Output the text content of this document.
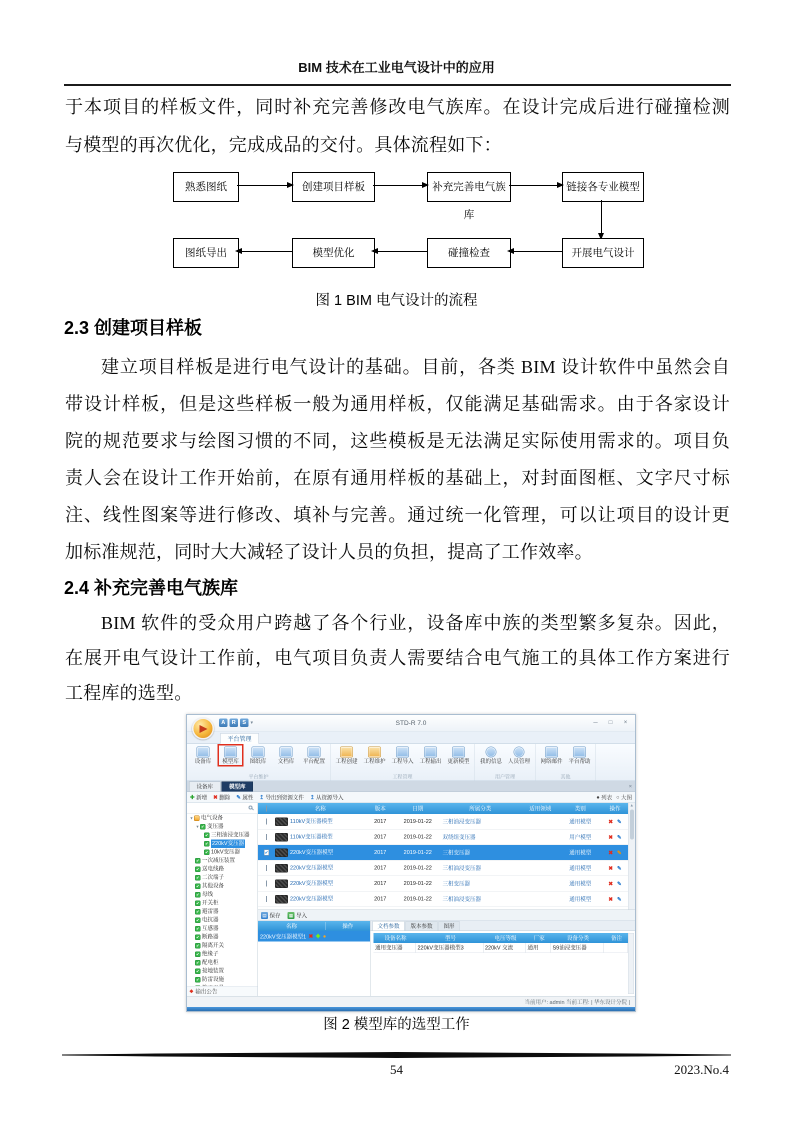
BIM 技术在工业电气设计中的应用
于本项目的样板文件，同时补充完善修改电气族库。在设计完成后进行碰撞检测
与模型的再次优化，完成成品的交付。具体流程如下：
熟悉图纸	创建项目样板	补充完善电气族库
链接各专业模型
图纸导出	模型优化	碰撞检查	开展电气设计
图 1 BIM 电气设计的流程
2.3 创建项目样板
建立项目样板是进行电气设计的基础。目前，各类 BIM 设计软件中虽然会自
带设计样板，但是这些样板一般为通用样板，仅能满足基础需求。由于各家设计
院的规范要求与绘图习惯的不同，这些模板是无法满足实际使用需求的。项目负
责人会在设计工作开始前，在原有通用样板的基础上，对封面图框、文字尺寸标
注、线性图案等进行修改、填补与完善。通过统一化管理，可以让项目的设计更
加标准规范，同时大大减轻了设计人员的负担，提高了工作效率。
2.4 补充完善电气族库
BIM 软件的受众用户跨越了各个行业，设备库中族的类型繁多复杂。因此，
在展开电气设计工作前，电气项目负责人需要结合电气施工的具体工作方案进行
工程库的选型。
A R S ▾	STD-R 7.0	─ □ ×
平台管理
设备库	模型库	图纸库	文档库 平台配置
平台维护
工程创建 工程维护 工程导入 工程输出 更新模型
工程管理
我的信息 人员管理
用户管理
网络邮件 平台帮助
其他
设备库	模型库	×
✚ 新增 ✖ 删除 ✎ 属性 ↥ 导出到资源文件 ↥ 从资源导入	● 列表 ○ 大图
▾ 电气设备
▾ ✔ 变压器
✔ 三相油浸变压器
✔ 220kV变压器
✔ 10kV变压器
✔ 一次减压装置
✔ 送电线路
✔ 二次端子
✔ 其他设备
✔ 母线
✔ 开关柜
✔ 避雷器
✔ 电抗器
✔ 互感器
✔ 断路器
✔ 隔离开关
✔ 绝缘子
✔ 配电柜
✔ 接地装置
✔ 防雷设施
◆ 输出公告
名称	版本	日期	所属分类	适用领域	类别	操作
110kV变压器模型	2017	2019-01-22 三相油浸变压器	通用模型	✖ ✎
110kV变压器模型	2017	2019-01-22 双绕组变压器	用户模型	✖ ✎
✔	220kV变压器模型	2017	2019-01-22 三相变压器	通用模型	✖ ✎
220kV变压器模型	2017	2019-01-22 三相油浸变压器	通用模型	✖ ✎
220kV变压器模型	2017	2019-01-22 三相变压器	通用模型	✖ ✎
220kV变压器模型	2017	2019-01-22 三相油浸变压器	通用模型	✖ ✎
▲
▤ 保存 ▦ 导入
名称	操作
220kV变压器模型1 ✖ ✚ ●
文档参数	版本参数	图形
设备名称	型号	电压等级	厂家	设备分类	备注
通用变压器	220kV变压器模型3	220kV 交流	通用	S9油浸变压器
当前用户: admin 当前工程: | 华东设计分院 |
图 2 模型库的选型工作
54	2023.No.4
